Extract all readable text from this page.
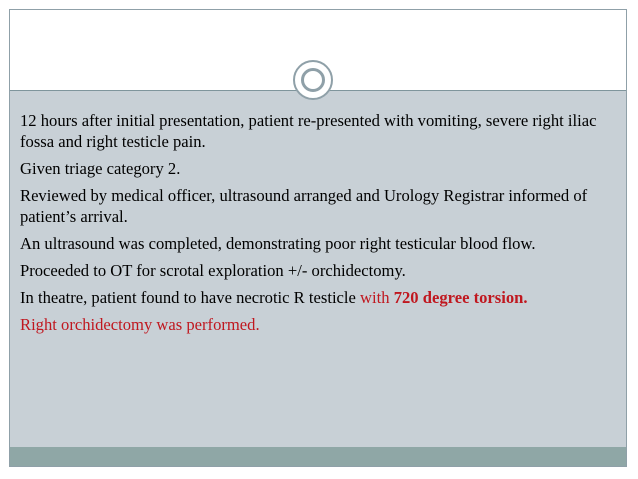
12 hours after initial presentation, patient re-presented with vomiting, severe right iliac fossa and right testicle pain.

Given triage category 2.

Reviewed by medical officer, ultrasound arranged and Urology Registrar informed of patient’s arrival.

An ultrasound was completed, demonstrating poor right testicular blood flow.

Proceeded to OT for scrotal exploration +/- orchidectomy.

In theatre, patient found to have necrotic R testicle with 720 degree torsion.

Right orchidectomy was performed.
